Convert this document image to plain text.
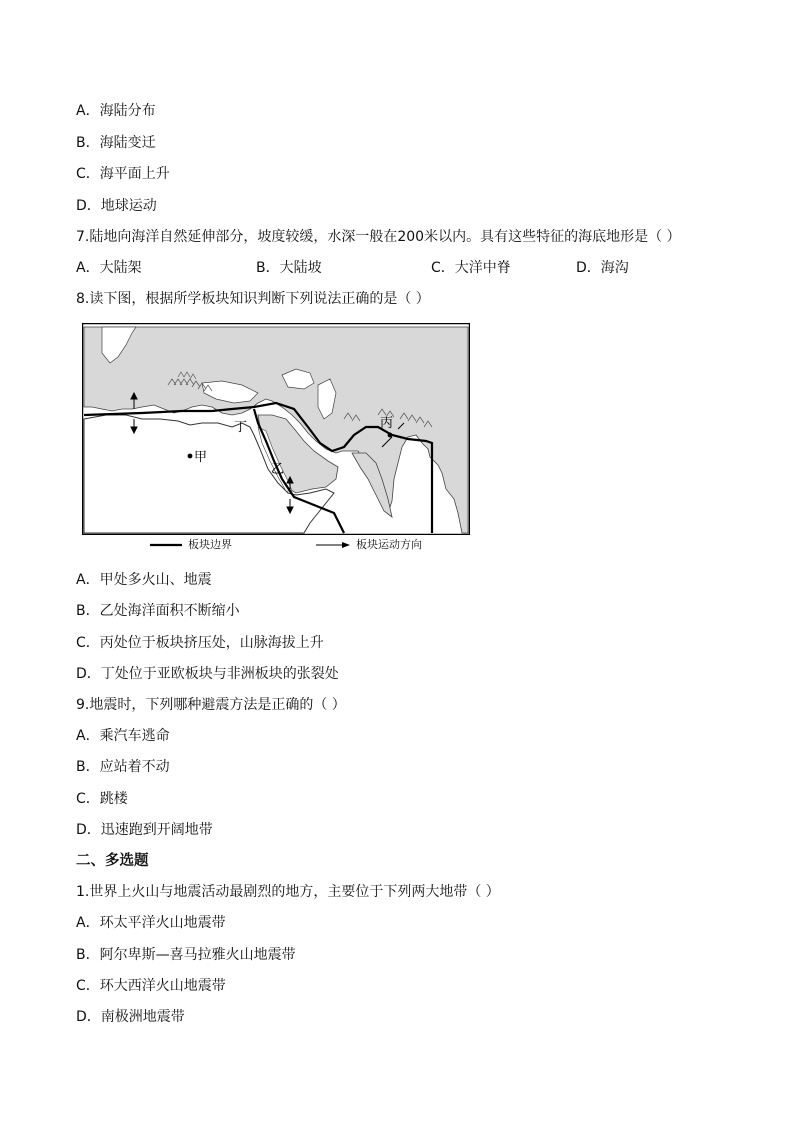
A．海陆分布
B．海陆变迁
C．海平面上升
D．地球运动
7.陆地向海洋自然延伸部分，坡度较缓，水深一般在200米以内。具有这些特征的海底地形是（ ）
A．大陆架	B．大陆坡	C．大洋中脊	D．海沟
8.读下图，根据所学板块知识判断下列说法正确的是（ ）
甲
乙
丙
丁
板块边界	板块运动方向
A．甲处多火山、地震
B．乙处海洋面积不断缩小
C．丙处位于板块挤压处，山脉海拔上升
D．丁处位于亚欧板块与非洲板块的张裂处
9.地震时，下列哪种避震方法是正确的（ ）
A．乘汽车逃命
B．应站着不动
C．跳楼
D．迅速跑到开阔地带
二、多选题
1.世界上火山与地震活动最剧烈的地方，主要位于下列两大地带（ ）
A．环太平洋火山地震带
B．阿尔卑斯—喜马拉雅火山地震带
C．环大西洋火山地震带
D．南极洲地震带
